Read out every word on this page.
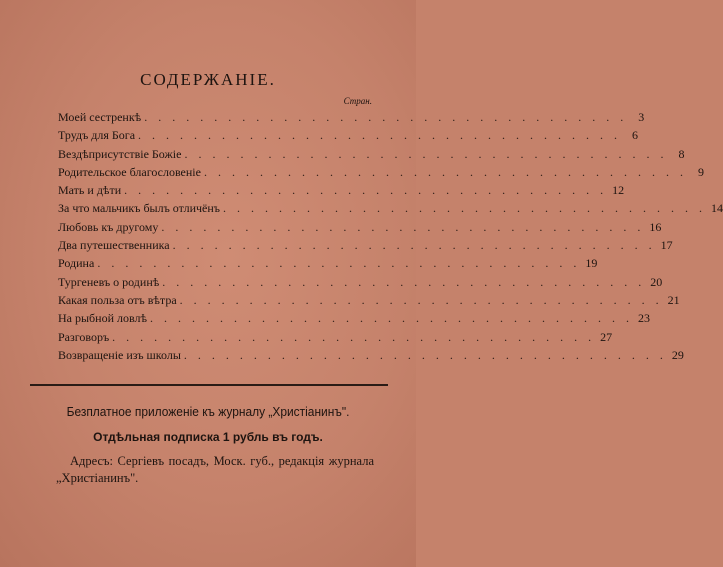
СОДЕРЖАНІЕ.
Стран.
Моей сестренкѣ . . . . . . . . . . . . . . . . . . . . . . . . . . . . . . . . . . . 3
Трудъ для Бога . . . . . . . . . . . . . . . . . . . . . . . . . . . . . . . . . . . 6
Вездѣприсутствіе Божіе . . . . . . . . . . . . . . . . . . . . . . . . . . . . . . . . . . . 8
Родительское благословеніе . . . . . . . . . . . . . . . . . . . . . . . . . . . . . . . . . . . 9
Мать и дѣти . . . . . . . . . . . . . . . . . . . . . . . . . . . . . . . . . . . 12
За что мальчикъ былъ отличёнъ . . . . . . . . . . . . . . . . . . . . . . . . . . . . . . . . . . . 14
Любовь къ другому . . . . . . . . . . . . . . . . . . . . . . . . . . . . . . . . . . . 16
Два путешественника . . . . . . . . . . . . . . . . . . . . . . . . . . . . . . . . . . . 17
Родина . . . . . . . . . . . . . . . . . . . . . . . . . . . . . . . . . . . 19
Тургеневъ о родинѣ . . . . . . . . . . . . . . . . . . . . . . . . . . . . . . . . . . . 20
Какая польза отъ вѣтра . . . . . . . . . . . . . . . . . . . . . . . . . . . . . . . . . . . 21
На рыбной ловлѣ . . . . . . . . . . . . . . . . . . . . . . . . . . . . . . . . . . . 23
Разговоръ . . . . . . . . . . . . . . . . . . . . . . . . . . . . . . . . . . . 27
Возвращеніе изъ школы . . . . . . . . . . . . . . . . . . . . . . . . . . . . . . . . . . . 29
Безплатное приложеніе къ журналу „Христіанинъ".
Отдѣльная подписка 1 рубль въ годъ.
Адресъ: Сергіевъ посадъ, Моск. губ., редакція журнала „Христіанинъ".
